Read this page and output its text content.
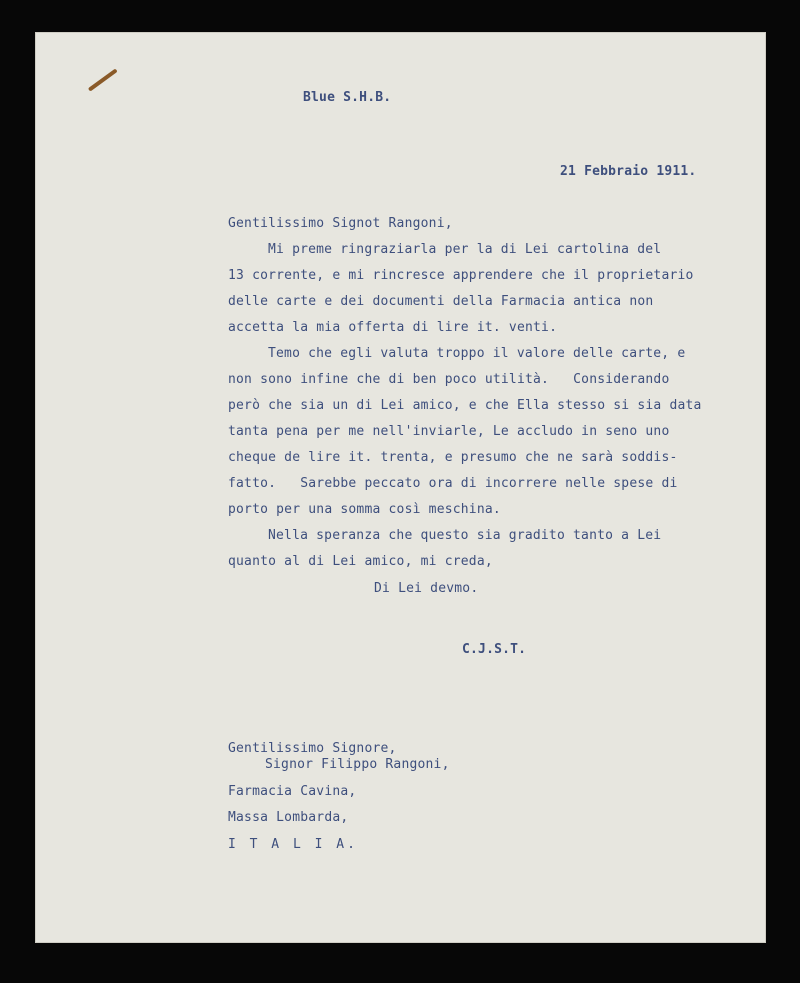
Blue S.H.B.

21 Febbraio 1911.

Gentilissimo Signot Rangoni,

Mi preme ringraziarla per la di Lei cartolina del

13 corrente, e mi rincresce apprendere che il proprietario

delle carte e dei documenti della Farmacia antica non

accetta la mia offerta di lire it. venti.

Temo che egli valuta troppo il valore delle carte, e

non sono infine che di ben poco utilità.   Considerando

però che sia un di Lei amico, e che Ella stesso si sia data

tanta pena per me nell'inviarle, Le accludo in seno uno

cheque de lire it. trenta, e presumo che ne sarà soddis-

fatto.   Sarebbe peccato ora di incorrere nelle spese di

porto per una somma così meschina.

Nella speranza che questo sia gradito tanto a Lei

quanto al di Lei amico, mi creda,

Di Lei devmo.

C.J.S.T.

Gentilissimo Signore,

Signor Filippo Rangoni,

Farmacia Cavina,

Massa Lombarda,

I T A L I A.
